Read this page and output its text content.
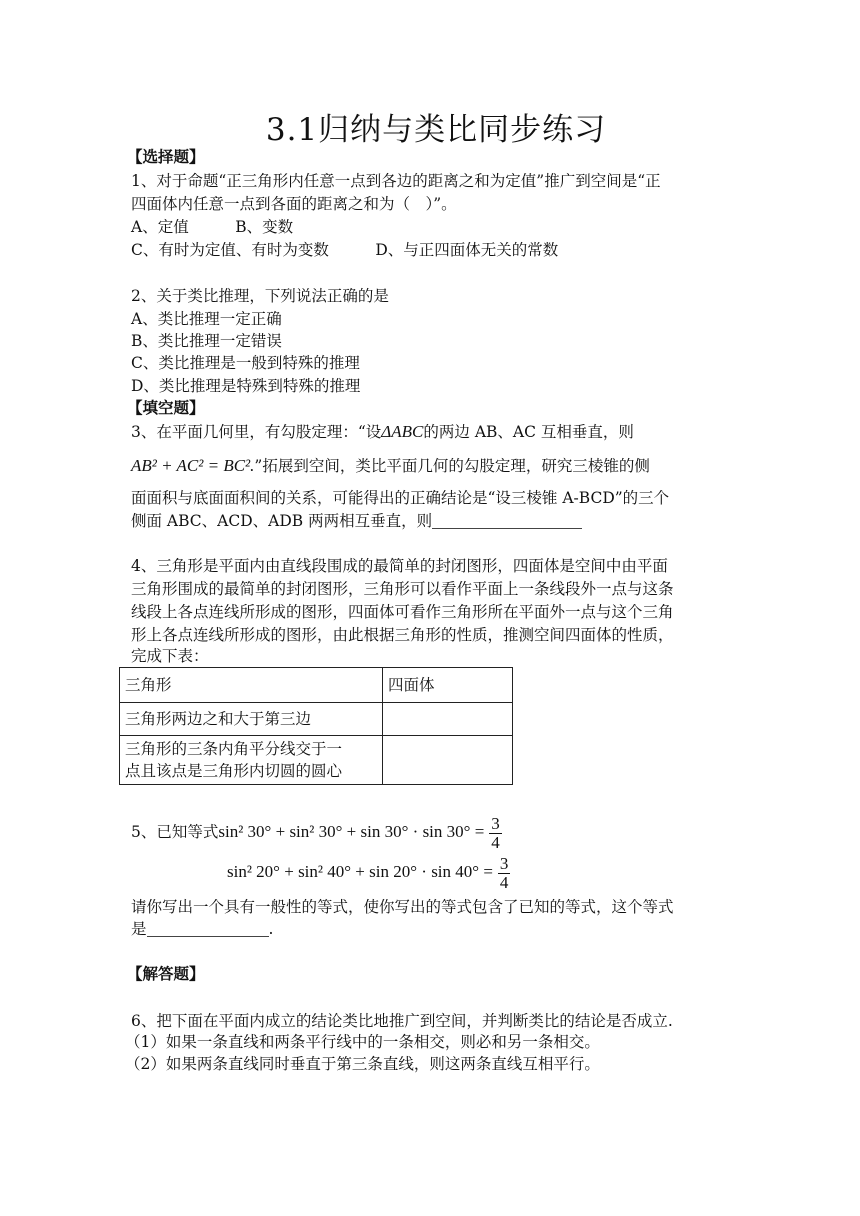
3.1归纳与类比同步练习
【选择题】
1、对于命题“正三角形内任意一点到各边的距离之和为定值”推广到空间是“正
四面体内任意一点到各面的距离之和为（　）”。
A、定值　　　B、变数
C、有时为定值、有时为变数　　　D、与正四面体无关的常数
2、关于类比推理，下列说法正确的是
A、类比推理一定正确
B、类比推理一定错误
C、类比推理是一般到特殊的推理
D、类比推理是特殊到特殊的推理
【填空题】
3、在平面几何里，有勾股定理：“设ΔABC的两边 AB、AC 互相垂直，则
AB² + AC² = BC².”拓展到空间，类比平面几何的勾股定理，研究三棱锥的侧
面面积与底面面积间的关系，可能得出的正确结论是“设三棱锥 A-BCD”的三个
侧面 ABC、ACD、ADB 两两相互垂直，则
4、三角形是平面内由直线段围成的最简单的封闭图形，四面体是空间中由平面
三角形围成的最简单的封闭图形，三角形可以看作平面上一条线段外一点与这条
线段上各点连线所形成的图形，四面体可看作三角形所在平面外一点与这个三角
形上各点连线所形成的图形，由此根据三角形的性质，推测空间四面体的性质，
完成下表：
三角形	四面体
三角形两边之和大于第三边	

三角形的三条内角平分线交于一
点且该点是三角形内切圆的圆心	

5、已知等式sin² 30° + sin² $30^\circ + \sin 30^\circ \cdot \sin 30^\circ = \frac{3}{4}$
sin² 20° + sin² $40^\circ + \sin 20^\circ \cdot \sin 40^\circ = \frac{3}{4}$
请你写出一个具有一般性的等式，使你写出的等式包含了已知的等式，这个等式
是	.
【解答题】
6、把下面在平面内成立的结论类比地推广到空间，并判断类比的结论是否成立.
（1）如果一条直线和两条平行线中的一条相交，则必和另一条相交。
（2）如果两条直线同时垂直于第三条直线，则这两条直线互相平行。
